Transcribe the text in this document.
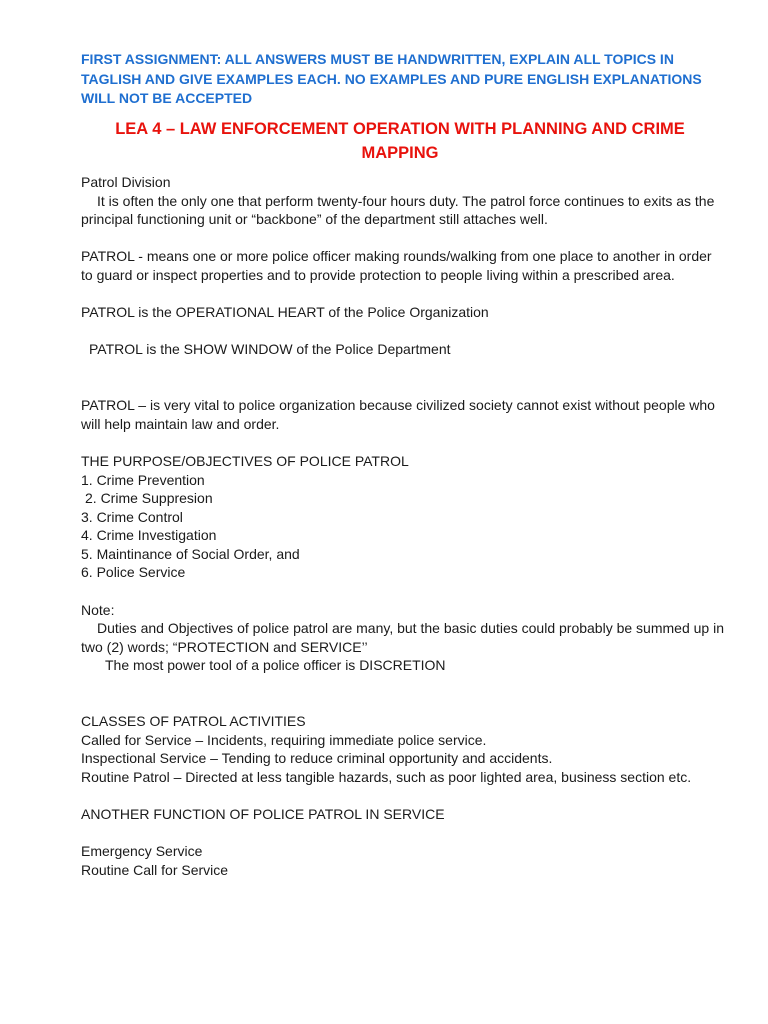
FIRST ASSIGNMENT: ALL ANSWERS MUST BE HANDWRITTEN, EXPLAIN ALL TOPICS IN TAGLISH AND GIVE EXAMPLES EACH. NO EXAMPLES AND PURE ENGLISH EXPLANATIONS WILL NOT BE ACCEPTED
LEA 4 – LAW ENFORCEMENT OPERATION WITH PLANNING AND CRIME MAPPING

Patrol Division

It is often the only one that perform twenty-four hours duty. The patrol force continues to exits as the principal functioning unit or “backbone” of the department still attaches well.

PATROL - means one or more police officer making rounds/walking from one place to another in order to guard or inspect properties and to provide protection to people living within a prescribed area.

PATROL is the OPERATIONAL HEART of the Police Organization

PATROL is the SHOW WINDOW of the Police Department

PATROL – is very vital to police organization because civilized society cannot exist without people who will help maintain law and order.

THE PURPOSE/OBJECTIVES OF POLICE PATROL

1. Crime Prevention

2. Crime Suppresion

3. Crime Control

4. Crime Investigation

5. Maintinance of Social Order, and

6. Police Service

Note:

Duties and Objectives of police patrol are many, but the basic duties could probably be summed up in two (2) words; “PROTECTION and SERVICE’’

The most power tool of a police officer is DISCRETION

CLASSES OF PATROL ACTIVITIES

Called for Service – Incidents, requiring immediate police service.

Inspectional Service – Tending to reduce criminal opportunity and accidents.

Routine Patrol – Directed at less tangible hazards, such as poor lighted area, business section etc.

ANOTHER FUNCTION OF POLICE PATROL IN SERVICE

Emergency Service

Routine Call for Service
